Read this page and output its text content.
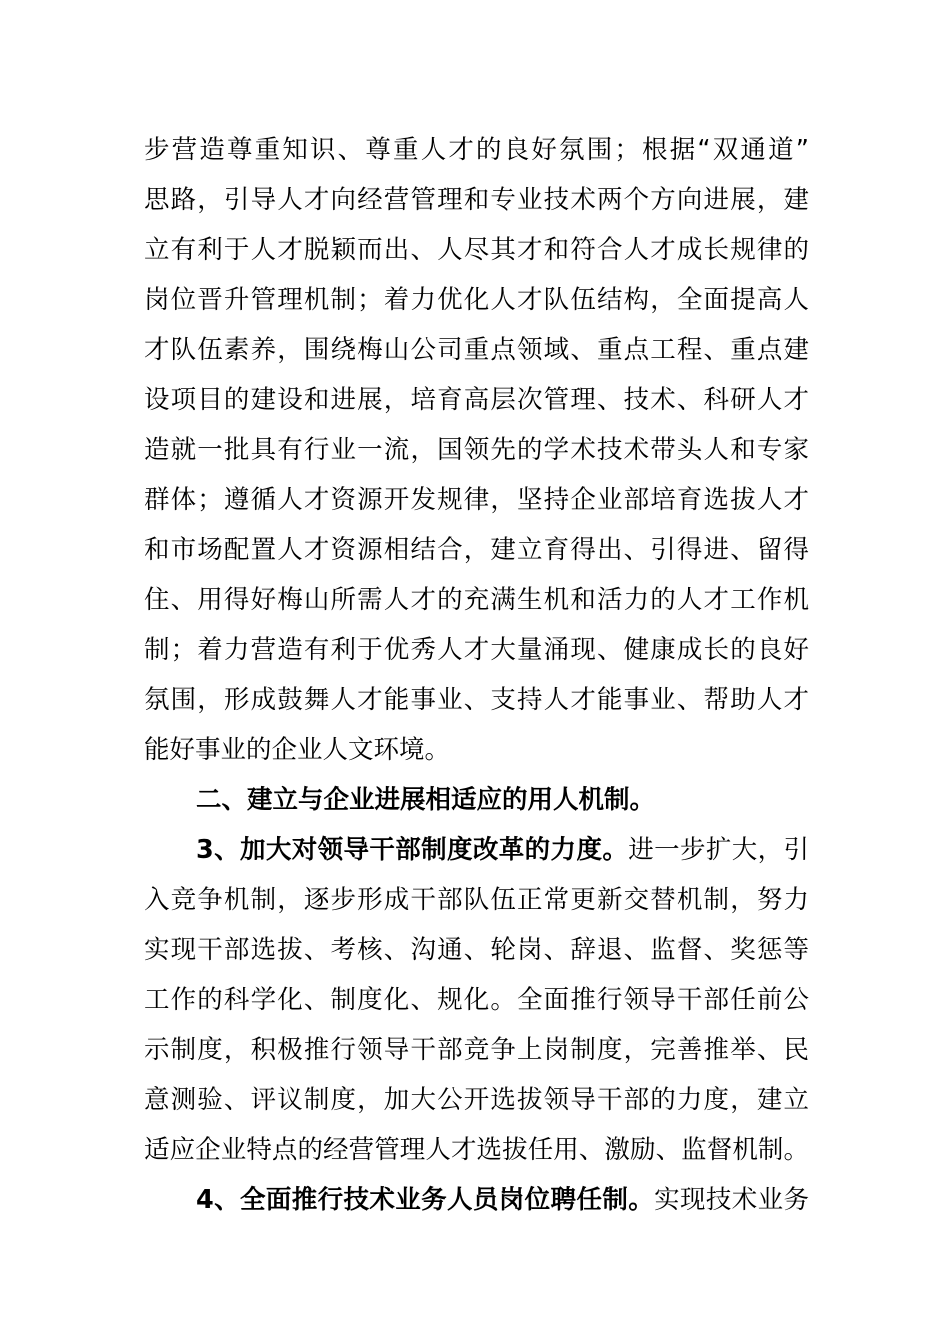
步营造尊重知识、尊重人才的良好氛围；根据“双通道”
思路，引导人才向经营管理和专业技术两个方向进展，建
立有利于人才脱颖而出、人尽其才和符合人才成长规律的
岗位晋升管理机制；着力优化人才队伍结构，全面提高人
才队伍素养，围绕梅山公司重点领域、重点工程、重点建
设项目的建设和进展，培育高层次管理、技术、科研人才
造就一批具有行业一流，国领先的学术技术带头人和专家
群体；遵循人才资源开发规律，坚持企业部培育选拔人才
和市场配置人才资源相结合，建立育得出、引得进、留得
住、用得好梅山所需人才的充满生机和活力的人才工作机
制；着力营造有利于优秀人才大量涌现、健康成长的良好
氛围，形成鼓舞人才能事业、支持人才能事业、帮助人才
能好事业的企业人文环境。
二、建立与企业进展相适应的用人机制。
3、加大对领导干部制度改革的力度。进一步扩大，引
入竞争机制，逐步形成干部队伍正常更新交替机制，努力
实现干部选拔、考核、沟通、轮岗、辞退、监督、奖惩等
工作的科学化、制度化、规化。全面推行领导干部任前公
示制度，积极推行领导干部竞争上岗制度，完善推举、民
意测验、评议制度，加大公开选拔领导干部的力度，建立
适应企业特点的经营管理人才选拔任用、激励、监督机制。
4、全面推行技术业务人员岗位聘任制。实现技术业务
